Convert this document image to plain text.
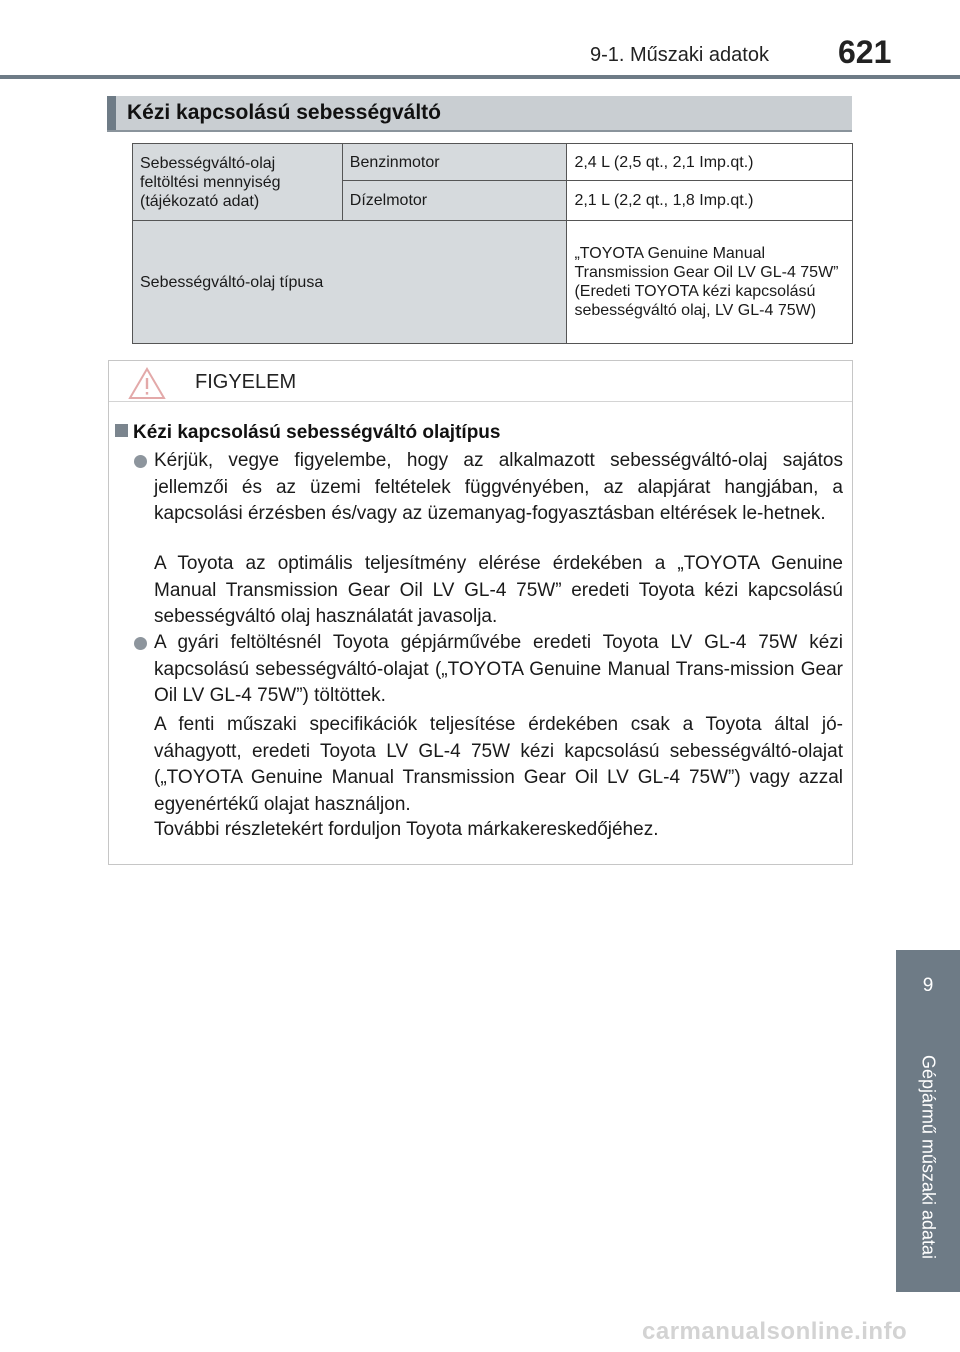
9-1. Műszaki adatok 621
Kézi kapcsolású sebességváltó
Sebességváltó-olaj feltöltési mennyiség (tájékozató adat)	Benzinmotor	2,4 L (2,5 qt., 2,1 Imp.qt.)
	Dízelmotor	2,1 L (2,2 qt., 1,8 Imp.qt.)
Sebességváltó-olaj típusa		„TOYOTA Genuine Manual Transmission Gear Oil LV GL-4 75W” (Eredeti TOYOTA kézi kapcsolású sebességváltó olaj, LV GL-4 75W)
FIGYELEM
Kézi kapcsolású sebességváltó olajtípus
Kérjük, vegye figyelembe, hogy az alkalmazott sebességváltó-olaj sajátos jellemzői és az üzemi feltételek függvényében, az alapjárat hangjában, a kapcsolási érzésben és/vagy az üzemanyag-fogyasztásban eltérések le-hetnek.
A Toyota az optimális teljesítmény elérése érdekében a „TOYOTA Genuine Manual Transmission Gear Oil LV GL-4 75W” eredeti Toyota kézi kapcsolású sebességváltó olaj használatát javasolja.
A gyári feltöltésnél Toyota gépjárművébe eredeti Toyota LV GL-4 75W kézi kapcsolású sebességváltó-olajat („TOYOTA Genuine Manual Trans-mission Gear Oil LV GL-4 75W”) töltöttek.
A fenti műszaki specifikációk teljesítése érdekében csak a Toyota által jó-váhagyott, eredeti Toyota LV GL-4 75W kézi kapcsolású sebességváltó-olajat („TOYOTA Genuine Manual Transmission Gear Oil LV GL-4 75W”) vagy azzal egyenértékű olajat használjon.
További részletekért forduljon Toyota márkakereskedőjéhez.
9
Gépjármű műszaki adatai
carmanualsonline.info
